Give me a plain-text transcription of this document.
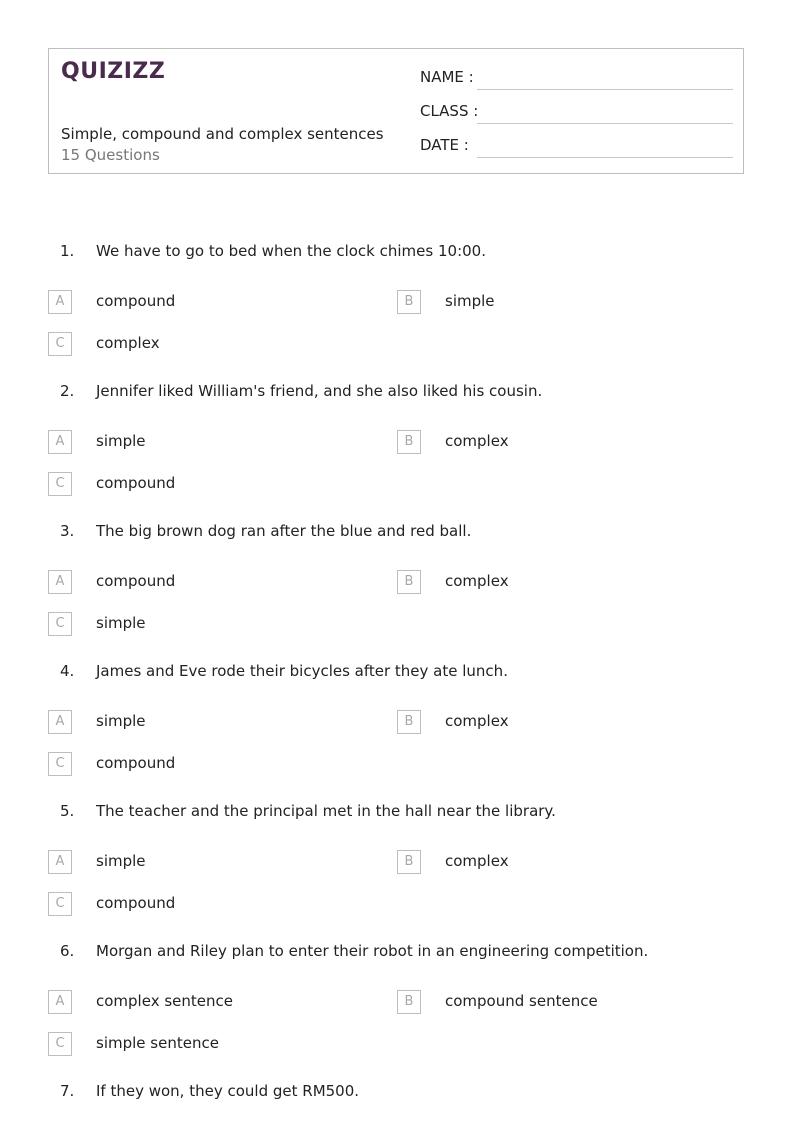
QUIZIZZ
Simple, compound and complex sentences
15 Questions
NAME :
CLASS :
DATE :
1. We have to go to bed when the clock chimes 10:00.
A	compound	B	simple
C	complex
2. Jennifer liked William's friend, and she also liked his cousin.
A	simple	B	complex
C	compound
3. The big brown dog ran after the blue and red ball.
A	compound	B	complex
C	simple
4. James and Eve rode their bicycles after they ate lunch.
A	simple	B	complex
C	compound
5. The teacher and the principal met in the hall near the library.
A	simple	B	complex
C	compound
6. Morgan and Riley plan to enter their robot in an engineering competition.
A	complex sentence	B	compound sentence
C	simple sentence
7. If they won, they could get RM500.
